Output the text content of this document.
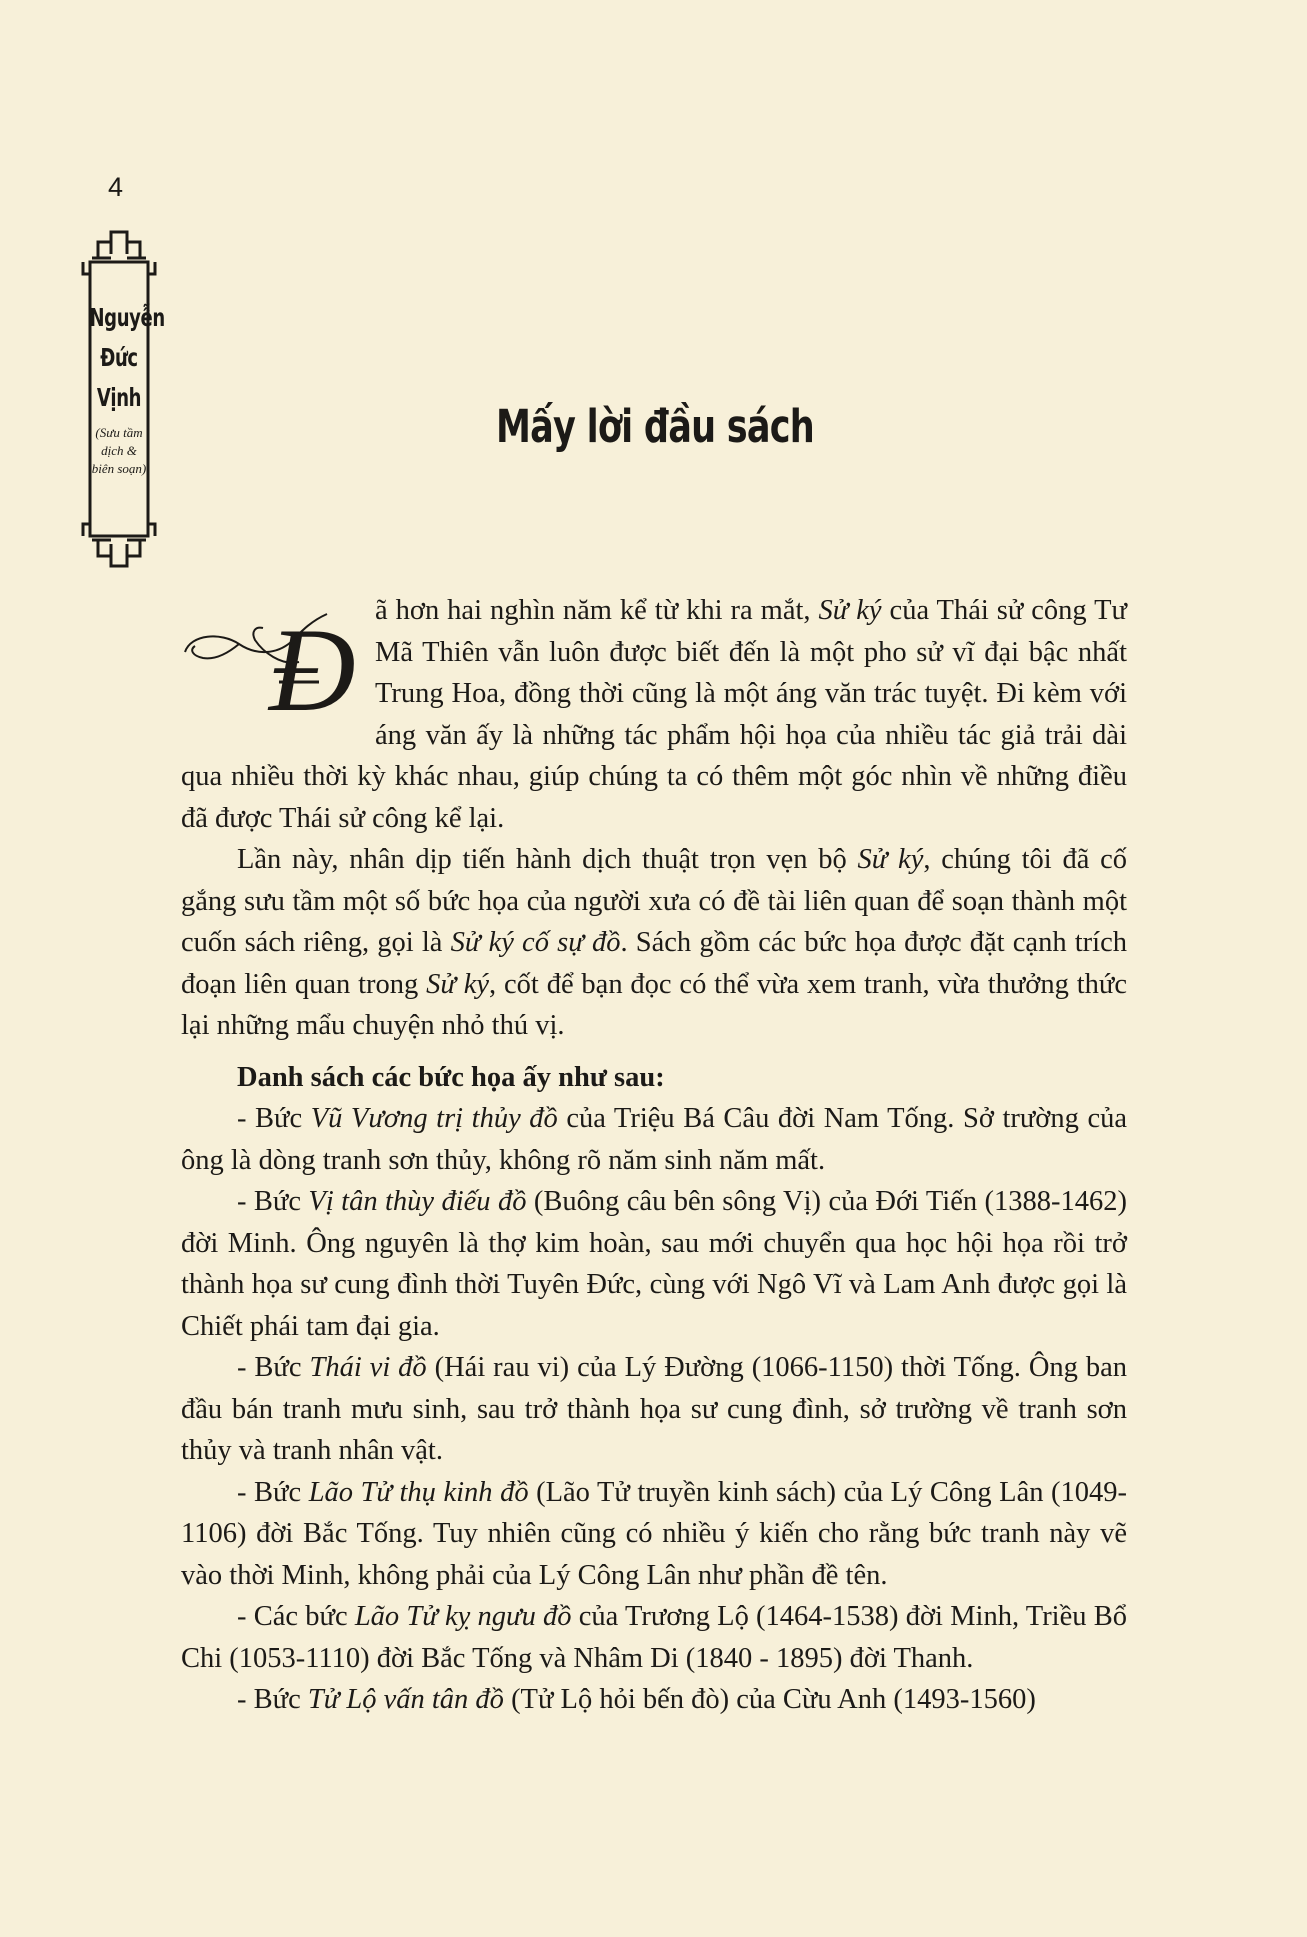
4
Nguyễn
Đức
Vịnh
(Sưu tầm
dịch &
biên soạn)
Mấy lời đầu sách
Đ ã hơn hai nghìn năm kể từ khi ra mắt, Sử ký của Thái sử công Tư Mã Thiên vẫn luôn được biết đến là một pho sử vĩ đại bậc nhất Trung Hoa, đồng thời cũng là một áng văn trác tuyệt. Đi kèm với áng văn ấy là những tác phẩm hội họa của nhiều tác giả trải dài qua nhiều thời kỳ khác nhau, giúp chúng ta có thêm một góc nhìn về những điều đã được Thái sử công kể lại.

Lần này, nhân dịp tiến hành dịch thuật trọn vẹn bộ Sử ký, chúng tôi đã cố gắng sưu tầm một số bức họa của người xưa có đề tài liên quan để soạn thành một cuốn sách riêng, gọi là Sử ký cố sự đồ. Sách gồm các bức họa được đặt cạnh trích đoạn liên quan trong Sử ký, cốt để bạn đọc có thể vừa xem tranh, vừa thưởng thức lại những mẩu chuyện nhỏ thú vị.

Danh sách các bức họa ấy như sau:

- Bức Vũ Vương trị thủy đồ của Triệu Bá Câu đời Nam Tống. Sở trường của ông là dòng tranh sơn thủy, không rõ năm sinh năm mất.

- Bức Vị tân thùy điếu đồ (Buông câu bên sông Vị) của Đới Tiến (1388-1462) đời Minh. Ông nguyên là thợ kim hoàn, sau mới chuyển qua học hội họa rồi trở thành họa sư cung đình thời Tuyên Đức, cùng với Ngô Vĩ và Lam Anh được gọi là Chiết phái tam đại gia.

- Bức Thái vi đồ (Hái rau vi) của Lý Đường (1066-1150) thời Tống. Ông ban đầu bán tranh mưu sinh, sau trở thành họa sư cung đình, sở trường về tranh sơn thủy và tranh nhân vật.

- Bức Lão Tử thụ kinh đồ (Lão Tử truyền kinh sách) của Lý Công Lân (1049-1106) đời Bắc Tống. Tuy nhiên cũng có nhiều ý kiến cho rằng bức tranh này vẽ vào thời Minh, không phải của Lý Công Lân như phần đề tên.

- Các bức Lão Tử kỵ ngưu đồ của Trương Lộ (1464-1538) đời Minh, Triều Bổ Chi (1053-1110) đời Bắc Tống và Nhâm Di (1840 - 1895) đời Thanh.

- Bức Tử Lộ vấn tân đồ (Tử Lộ hỏi bến đò) của Cừu Anh (1493-1560)
